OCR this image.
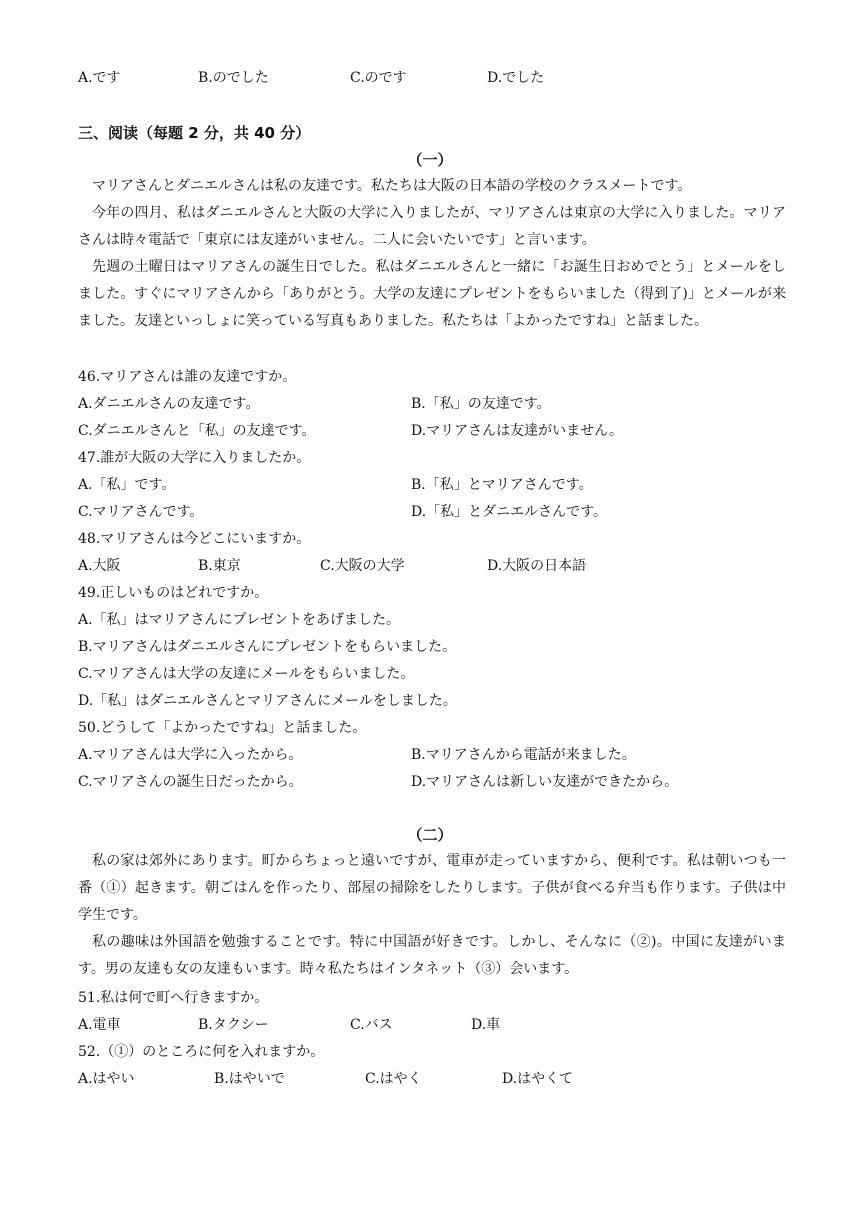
A.です	B.のでした	C.のです	D.でした
三、阅读（每题 2 分，共 40 分）
（一）
マリアさんとダニエルさんは私の友達です。私たちは大阪の日本語の学校のクラスメートです。
今年の四月、私はダニエルさんと大阪の大学に入りましたが、マリアさんは東京の大学に入りました。マリアさんは時々電話で「東京には友達がいません。二人に会いたいです」と言います。
先週の土曜日はマリアさんの誕生日でした。私はダニエルさんと一緒に「お誕生日おめでとう」とメールをしました。すぐにマリアさんから「ありがとう。大学の友達にプレゼントをもらいました（得到了)」とメールが来ました。友達といっしょに笑っている写真もありました。私たちは「よかったですね」と話ました。
46.マリアさんは誰の友達ですか。
A.ダニエルさんの友達です。	B.「私」の友達です。
C.ダニエルさんと「私」の友達です。	D.マリアさんは友達がいません。
47.誰が大阪の大学に入りましたか。
A.「私」です。	B.「私」とマリアさんです。
C.マリアさんです。	D.「私」とダニエルさんです。
48.マリアさんは今どこにいますか。
A.大阪	B.東京	C.大阪の大学	D.大阪の日本語
49.正しいものはどれですか。
A.「私」はマリアさんにプレゼントをあげました。
B.マリアさんはダニエルさんにプレゼントをもらいました。
C.マリアさんは大学の友達にメールをもらいました。
D.「私」はダニエルさんとマリアさんにメールをしました。
50.どうして「よかったですね」と話ました。
A.マリアさんは大学に入ったから。	B.マリアさんから電話が来ました。
C.マリアさんの誕生日だったから。	D.マリアさんは新しい友達ができたから。
（二）
私の家は郊外にあります。町からちょっと遠いですが、電車が走っていますから、便利です。私は朝いつも一番（①）起きます。朝ごはんを作ったり、部屋の掃除をしたりします。子供が食べる弁当も作ります。子供は中学生です。
私の趣味は外国語を勉強することです。特に中国語が好きです。しかし、そんなに（②)。中国に友達がいます。男の友達も女の友達もいます。時々私たちはインタネット（③）会います。
51.私は何で町へ行きますか。
A.電車	B.タクシー	C.バス	D.車
52.（①）のところに何を入れますか。
A.はやい	B.はやいで	C.はやく	D.はやくて
